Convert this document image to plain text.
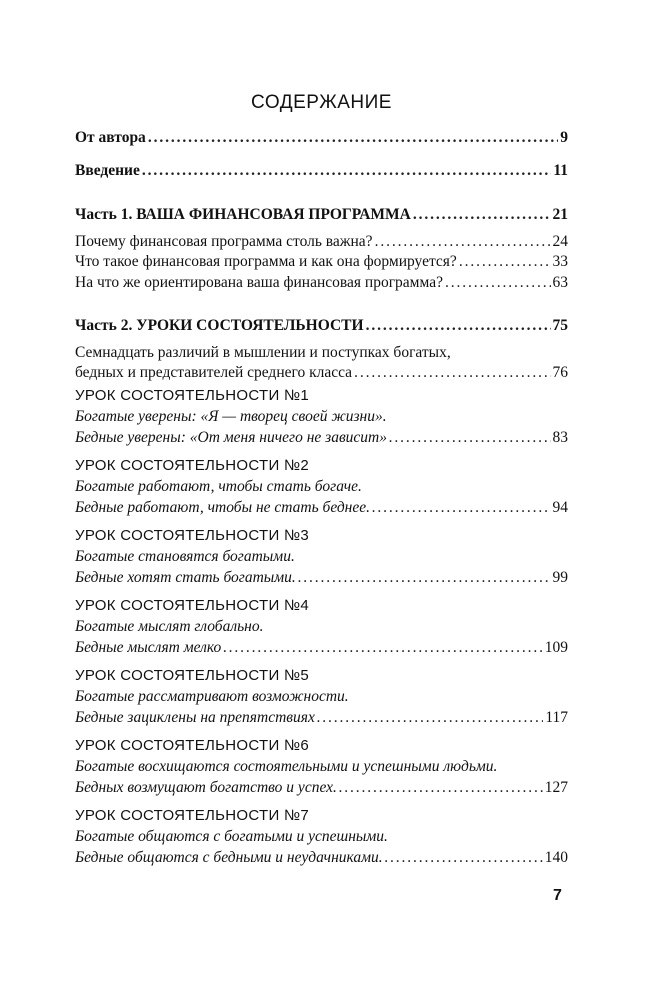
СОДЕРЖАНИЕ
От автора . . .	9
Введение . . .	11
Часть 1. ВАША ФИНАНСОВАЯ ПРОГРАММА . . .	21
Почему финансовая программа столь важна? . . .	24
Что такое финансовая программа и как она формируется? . . .	33
На что же ориентирована ваша финансовая программа? . . .	63
Часть 2. УРОКИ СОСТОЯТЕЛЬНОСТИ . . .	75
Семнадцать различий в мышлении и поступках богатых,
бедных и представителей среднего класса . . .	76
УРОК СОСТОЯТЕЛЬНОСТИ №1
Богатые уверены: «Я — творец своей жизни».
Бедные уверены: «От меня ничего не зависит» . . .	83
УРОК СОСТОЯТЕЛЬНОСТИ №2
Богатые работают, чтобы стать богаче.
Бедные работают, чтобы не стать беднее. . . .	94
УРОК СОСТОЯТЕЛЬНОСТИ №3
Богатые становятся богатыми.
Бедные хотят стать богатыми. . . .	99
УРОК СОСТОЯТЕЛЬНОСТИ №4
Богатые мыслят глобально.
Бедные мыслят мелко . . .	109
УРОК СОСТОЯТЕЛЬНОСТИ №5
Богатые рассматривают возможности.
Бедные зациклены на препятствиях . . .	117
УРОК СОСТОЯТЕЛЬНОСТИ №6
Богатые восхищаются состоятельными и успешными людьми.
Бедных возмущают богатство и успех. . . .	127
УРОК СОСТОЯТЕЛЬНОСТИ №7
Богатые общаются с богатыми и успешными.
Бедные общаются с бедными и неудачниками. . . .	140
7
